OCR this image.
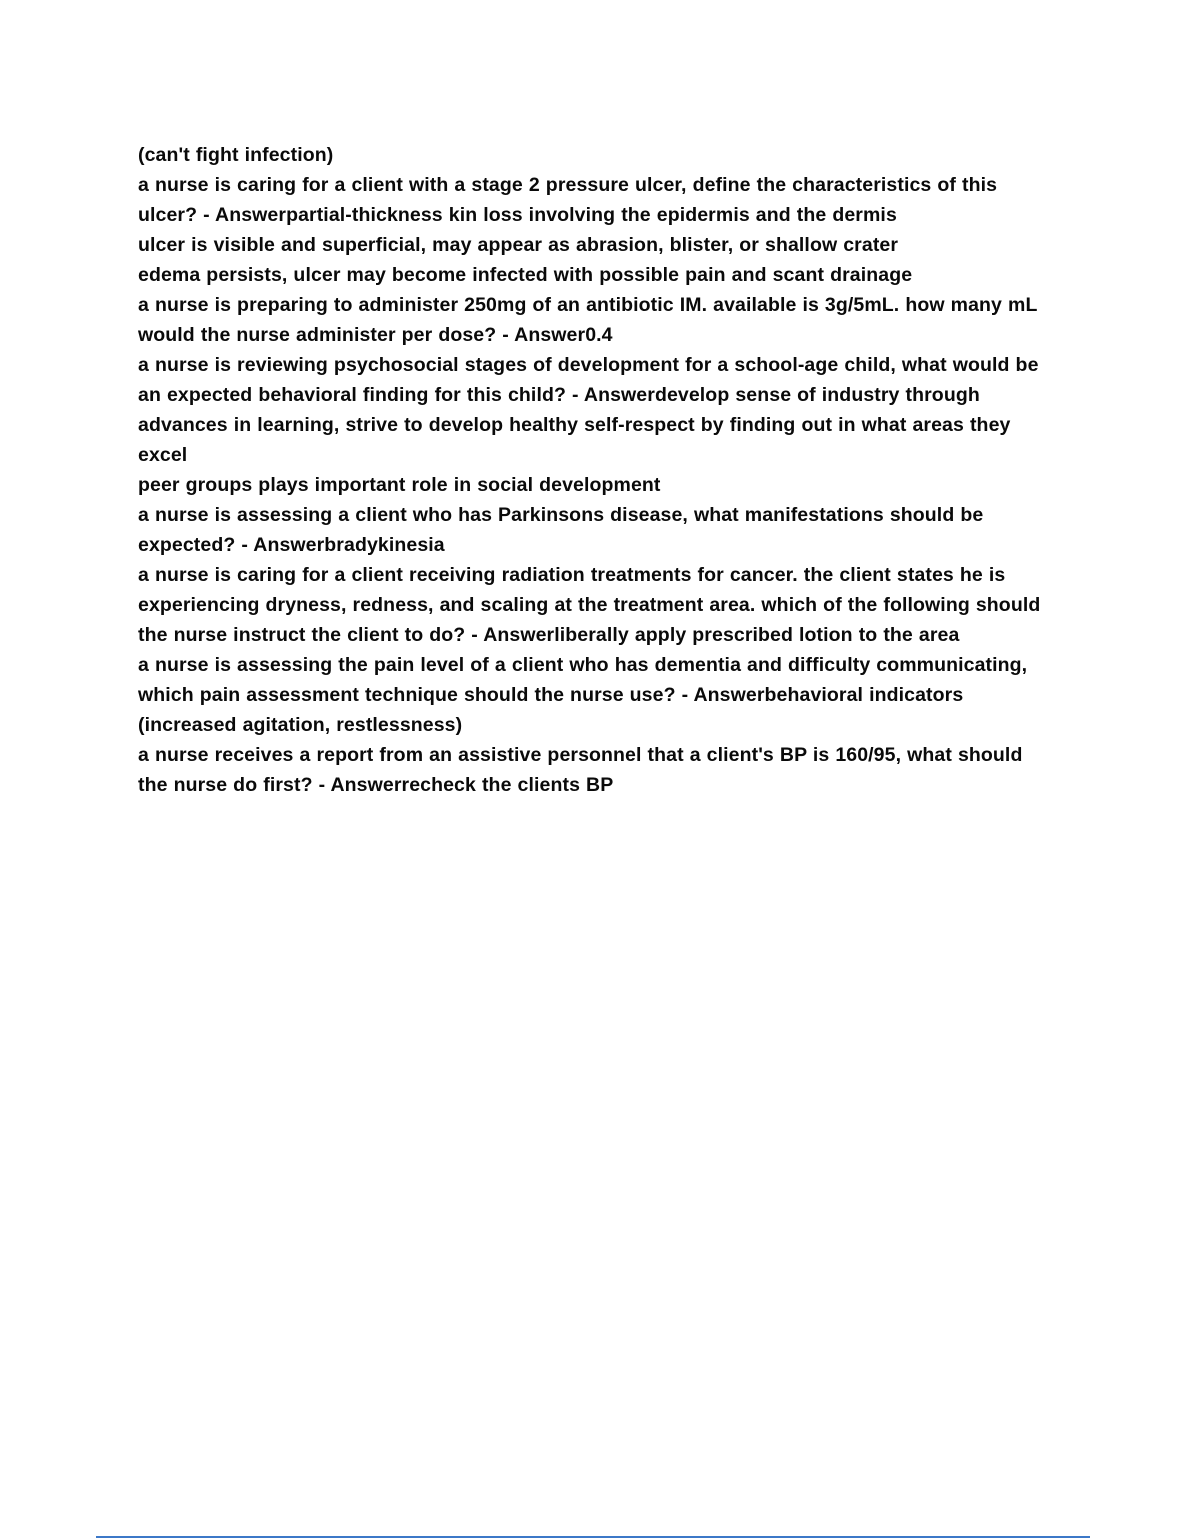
(can't fight infection)

a nurse is caring for a client with a stage 2 pressure ulcer, define the characteristics of this ulcer? - Answerpartial-thickness kin loss involving the epidermis and the dermis

ulcer is visible and superficial, may appear as abrasion, blister, or shallow crater

edema persists, ulcer may become infected with possible pain and scant drainage

a nurse is preparing to administer 250mg of an antibiotic IM. available is 3g/5mL. how many mL would the nurse administer per dose? - Answer0.4

a nurse is reviewing psychosocial stages of development for a school-age child, what would be an expected behavioral finding for this child? - Answerdevelop sense of industry through advances in learning, strive to develop healthy self-respect by finding out in what areas they excel

peer groups plays important role in social development

a nurse is assessing a client who has Parkinsons disease, what manifestations should be expected? - Answerbradykinesia

a nurse is caring for a client receiving radiation treatments for cancer. the client states he is experiencing dryness, redness, and scaling at the treatment area. which of the following should the nurse instruct the client to do? - Answerliberally apply prescribed lotion to the area

a nurse is assessing the pain level of a client who has dementia and difficulty communicating, which pain assessment technique should the nurse use? - Answerbehavioral indicators

(increased agitation, restlessness)

a nurse receives a report from an assistive personnel that a client's BP is 160/95, what should the nurse do first? - Answerrecheck the clients BP
